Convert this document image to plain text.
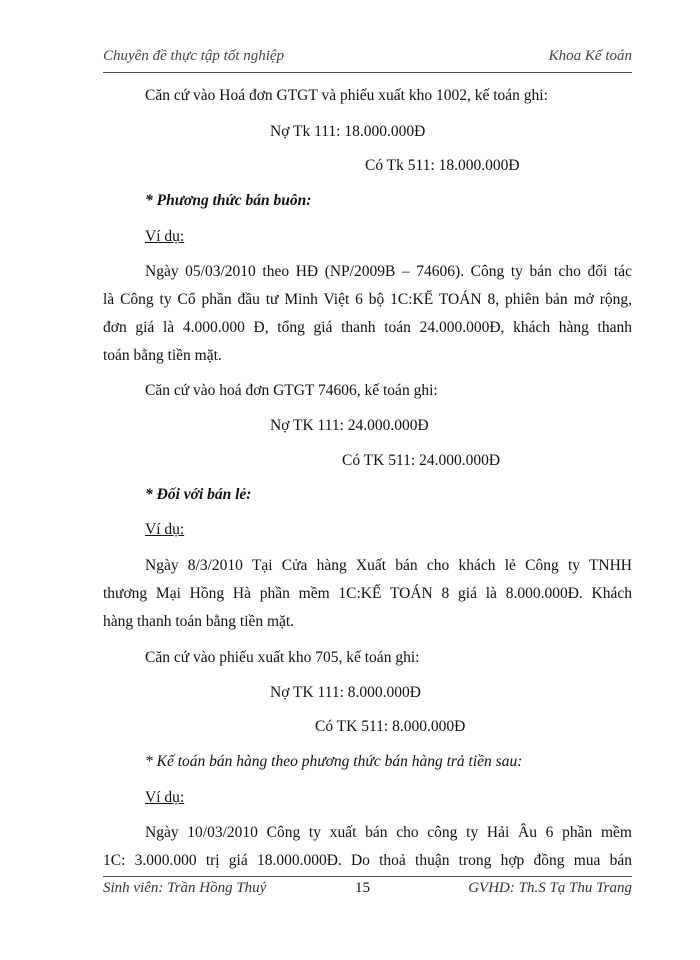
Chuyên đề thực tập tốt nghiệp	Khoa Kế toán
Căn cứ vào Hoá đơn GTGT và phiếu xuất kho 1002, kế toán ghi:
Nợ Tk 111: 18.000.000Đ
Có Tk 511: 18.000.000Đ
* Phương thức bán buôn:
Ví dụ:
Ngày 05/03/2010 theo HĐ (NP/2009B – 74606). Công ty bán cho đối tác
là Công ty Cổ phần đầu tư Minh Việt 6 bộ 1C:KẾ TOÁN 8, phiên bản mở rộng,
đơn giá là 4.000.000 Đ, tổng giá thanh toán 24.000.000Đ, khách hàng thanh
toán bằng tiền mặt.
Căn cứ vào hoá đơn GTGT 74606, kế toán ghi:
Nợ TK 111: 24.000.000Đ
Có TK 511: 24.000.000Đ
* Đối với bán lẻ:
Ví dụ:
Ngày 8/3/2010 Tại Cửa hàng Xuất bán cho khách lẻ Công ty TNHH
thương Mại Hồng Hà phần mềm 1C:KẾ TOÁN 8 giá là 8.000.000Đ. Khách
hàng thanh toán bằng tiền mặt.
Căn cứ vào phiếu xuất kho 705, kế toán ghi:
Nợ TK 111: 8.000.000Đ
Có TK 511: 8.000.000Đ
* Kế toán bán hàng theo phương thức bán hàng trả tiền sau:
Ví dụ:
Ngày 10/03/2010 Công ty xuất bán cho công ty Hải Âu 6 phần mềm
1C: 3.000.000 trị giá 18.000.000Đ. Do thoả thuận trong hợp đồng mua bán
Sinh viên: Trần Hồng Thuý	15	GVHD: Th.S Tạ Thu Trang
